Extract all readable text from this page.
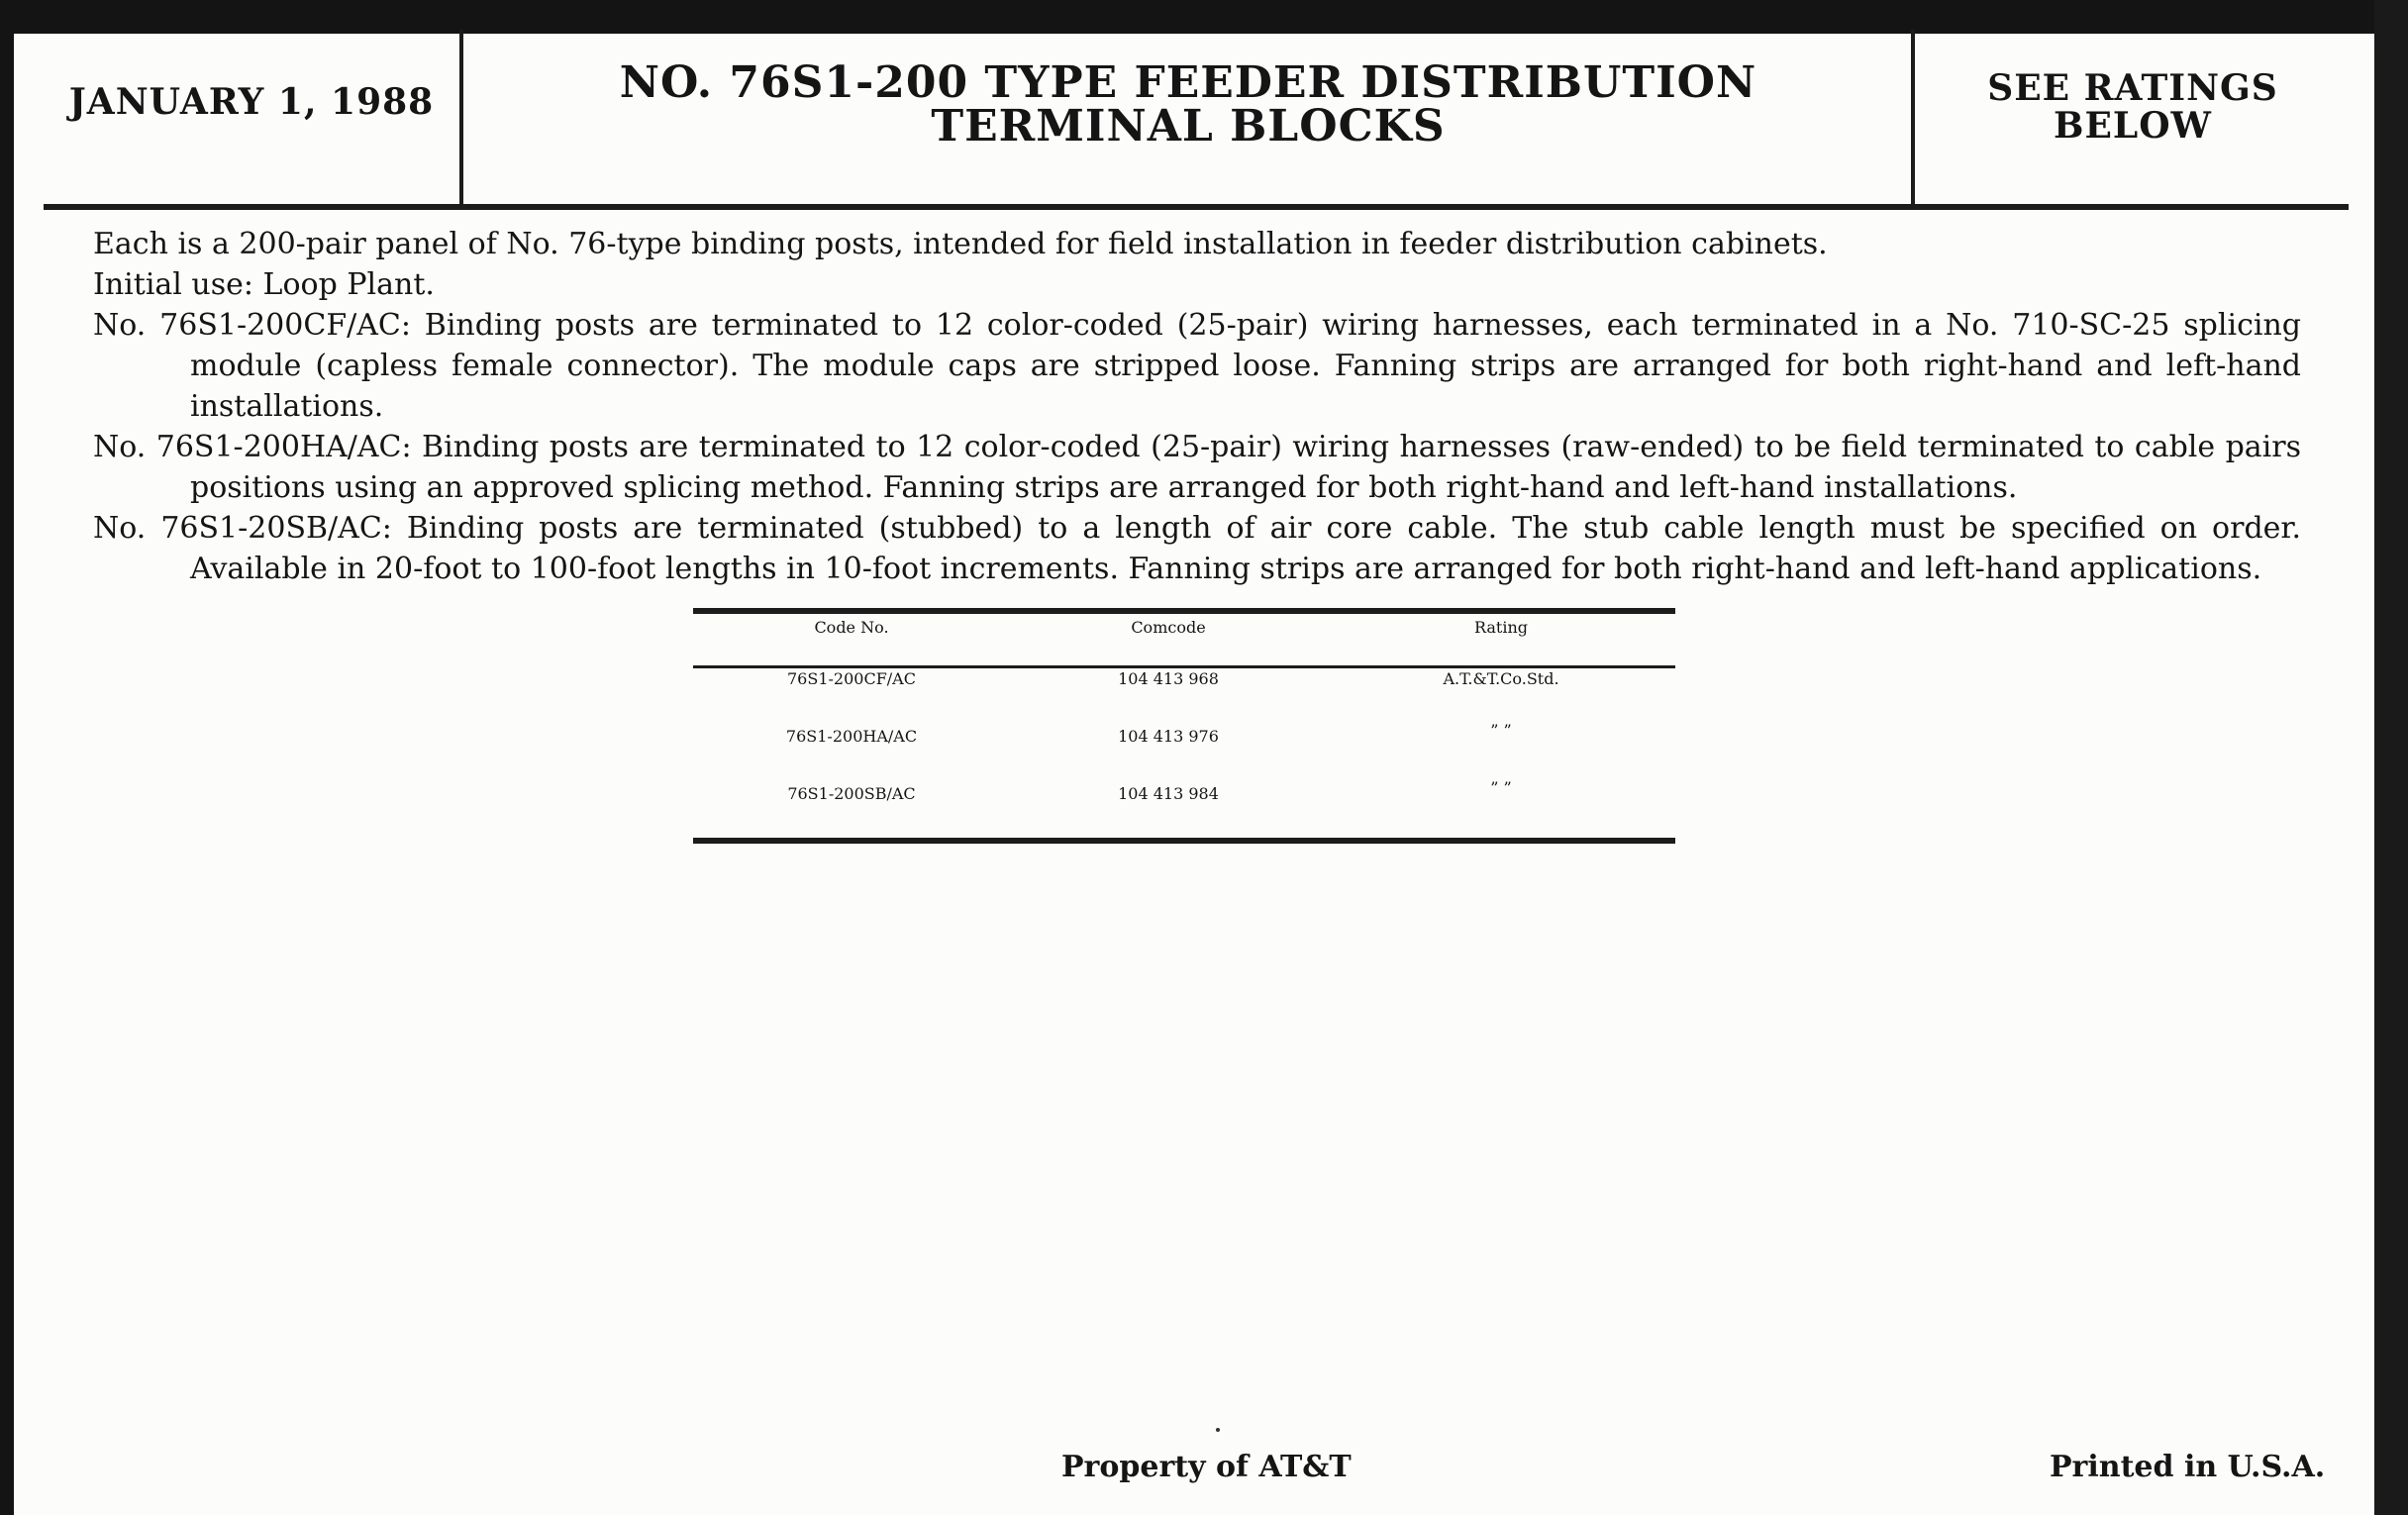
JANUARY 1, 1988	NO. 76S1-200 TYPE FEEDER DISTRIBUTION
TERMINAL BLOCKS
SEE RATINGS
BELOW

Each is a 200-pair panel of No. 76-type binding posts, intended for field installation in feeder distribution cabinets.

Initial use: Loop Plant.

No. 76S1-200CF/AC: Binding posts are terminated to 12 color-coded (25-pair) wiring harnesses, each terminated in a No. 710-SC-25 splicing module (capless female connector). The module caps are stripped loose. Fanning strips are arranged for both right-hand and left-hand installations.

No. 76S1-200HA/AC: Binding posts are terminated to 12 color-coded (25-pair) wiring harnesses (raw-ended) to be field terminated to cable pairs positions using an approved splicing method. Fanning strips are arranged for both right-hand and left-hand installations.

No. 76S1-20SB/AC: Binding posts are terminated (stubbed) to a length of air core cable. The stub cable length must be specified on order. Available in 20-foot to 100-foot lengths in 10-foot increments. Fanning strips are arranged for both right-hand and left-hand applications.

Code No.	Comcode	Rating
76S1-200CF/AC	104 413 968	A.T.&T.Co.Std.
76S1-200HA/AC	104 413 976	” ”
76S1-200SB/AC	104 413 984	” ”
Property of AT&T	Printed in U.S.A.
